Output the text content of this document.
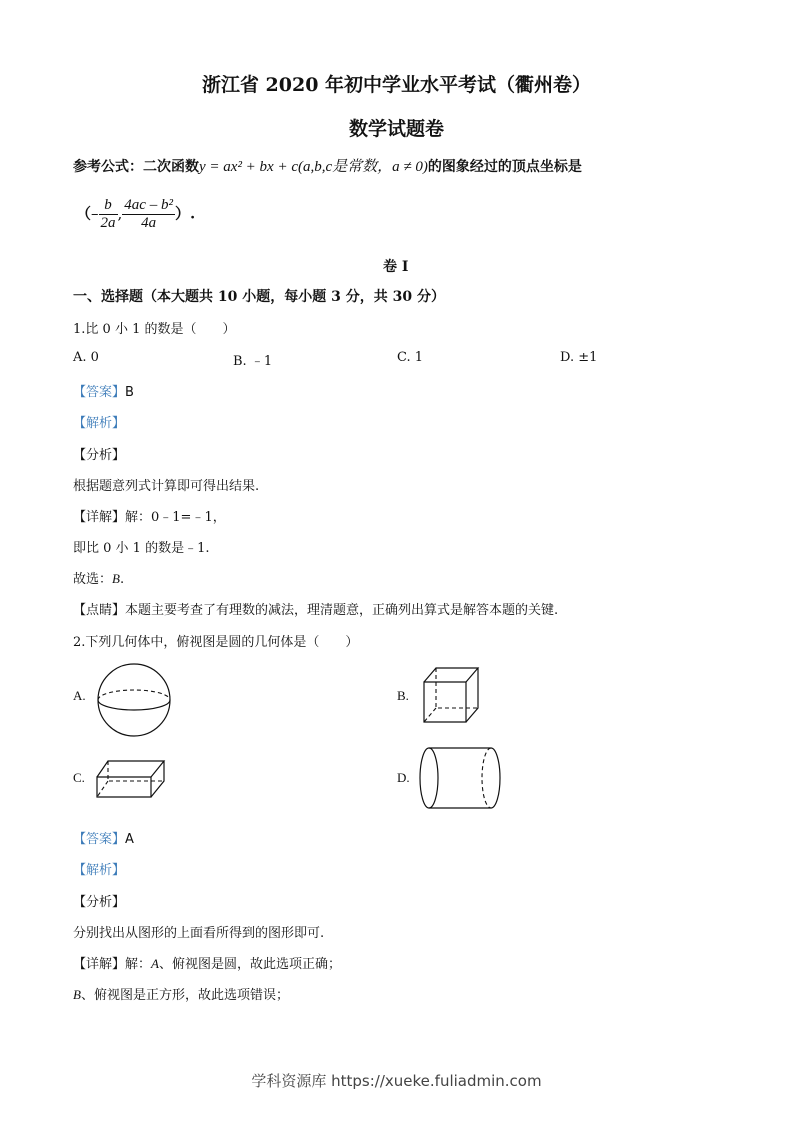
浙江省 2020 年初中学业水平考试（衢州卷）
数学试题卷
参考公式：二次函数y = ax² + bx + c(a,b,c是常数，a ≠ 0)的图象经过的顶点坐标是
（– $\frac{b}{2a}$ , $\frac{\text{4ac – b²}}{4a}$ ）.
卷 I
一、选择题（本大题共 10 小题，每小题 3 分，共 30 分）
1.比 0 小 1 的数是（　　）
A. 0	B. ﹣1	C. 1	D. ±1
【答案】B
【解析】
【分析】
根据题意列式计算即可得出结果.
【详解】解：0﹣1=﹣1，
即比 0 小 1 的数是﹣1.
故选：B.
【点睛】本题主要考查了有理数的减法，理清题意，正确列出算式是解答本题的关键.
2.下列几何体中，俯视图是圆的几何体是（　　）
A.	B.
C.	D.
【答案】A
【解析】
【分析】
分别找出从图形的上面看所得到的图形即可.
【详解】解：A、俯视图是圆，故此选项正确；
B、俯视图是正方形，故此选项错误；
学科资源库 https://xueke.fuliadmin.com
